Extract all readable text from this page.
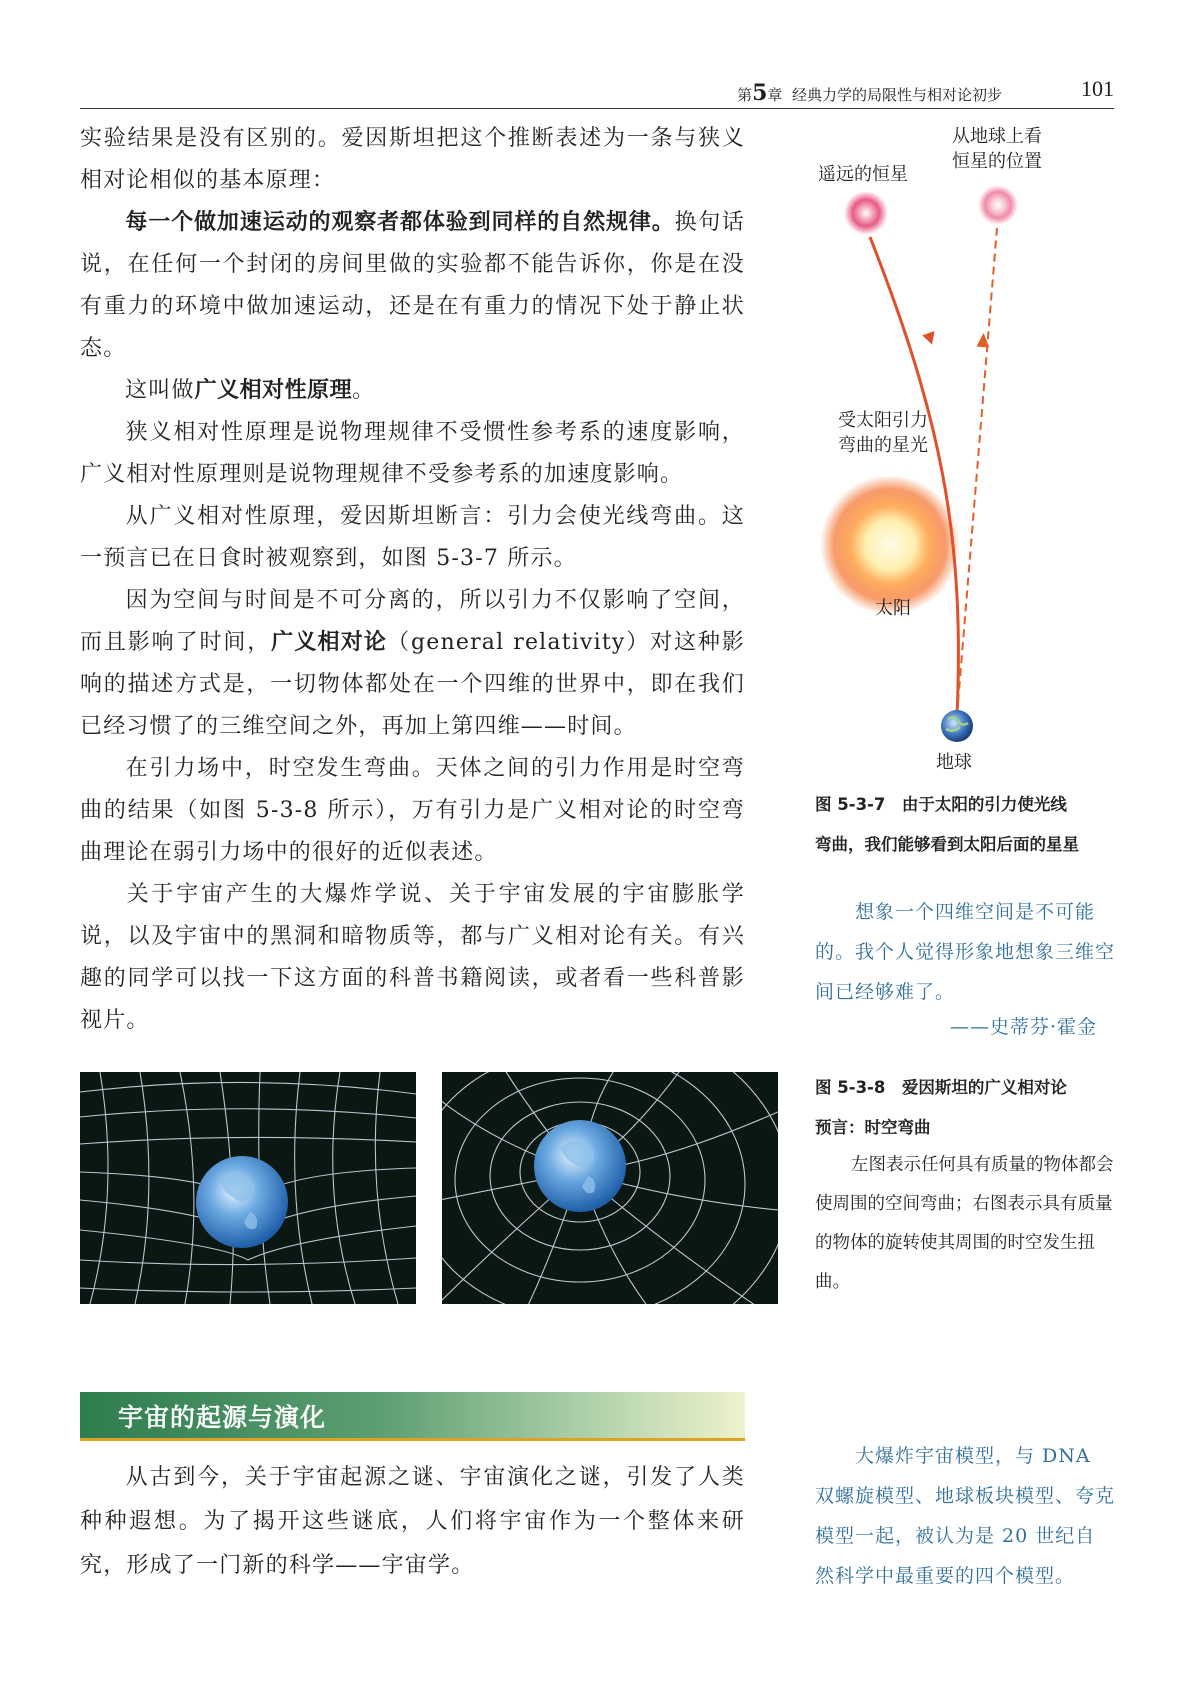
第5章 经典力学的局限性与相对论初步	101

实验结果是没有区别的。爱因斯坦把这个推断表述为一条与狭义相对论相似的基本原理：

每一个做加速运动的观察者都体验到同样的自然规律。换句话说，在任何一个封闭的房间里做的实验都不能告诉你，你是在没有重力的环境中做加速运动，还是在有重力的情况下处于静止状态。

这叫做广义相对性原理。

狭义相对性原理是说物理规律不受惯性参考系的速度影响，广义相对性原理则是说物理规律不受参考系的加速度影响。

从广义相对性原理，爱因斯坦断言：引力会使光线弯曲。这一预言已在日食时被观察到，如图 5-3-7 所示。

因为空间与时间是不可分离的，所以引力不仅影响了空间，而且影响了时间，广义相对论（general relativity）对这种影响的描述方式是，一切物体都处在一个四维的世界中，即在我们已经习惯了的三维空间之外，再加上第四维——时间。

在引力场中，时空发生弯曲。天体之间的引力作用是时空弯曲的结果（如图 5-3-8 所示），万有引力是广义相对论的时空弯曲理论在弱引力场中的很好的近似表述。

关于宇宙产生的大爆炸学说、关于宇宙发展的宇宙膨胀学说，以及宇宙中的黑洞和暗物质等，都与广义相对论有关。有兴趣的同学可以找一下这方面的科普书籍阅读，或者看一些科普影视片。

遥远的恒星
从地球上看
恒星的位置
受太阳引力
弯曲的星光
太阳
地球
图 5-3-7　由于太阳的引力使光线
弯曲，我们能够看到太阳后面的星星
想象一个四维空间是不可能的。我个人觉得形象地想象三维空间已经够难了。
——史蒂芬·霍金
图 5-3-8　爱因斯坦的广义相对论
预言：时空弯曲
左图表示任何具有质量的物体都会使周围的空间弯曲；右图表示具有质量的物体的旋转使其周围的时空发生扭曲。
宇宙的起源与演化

从古到今，关于宇宙起源之谜、宇宙演化之谜，引发了人类种种遐想。为了揭开这些谜底，人们将宇宙作为一个整体来研究，形成了一门新的科学——宇宙学。

大爆炸宇宙模型，与 DNA 双螺旋模型、地球板块模型、夸克模型一起，被认为是 20 世纪自然科学中最重要的四个模型。
